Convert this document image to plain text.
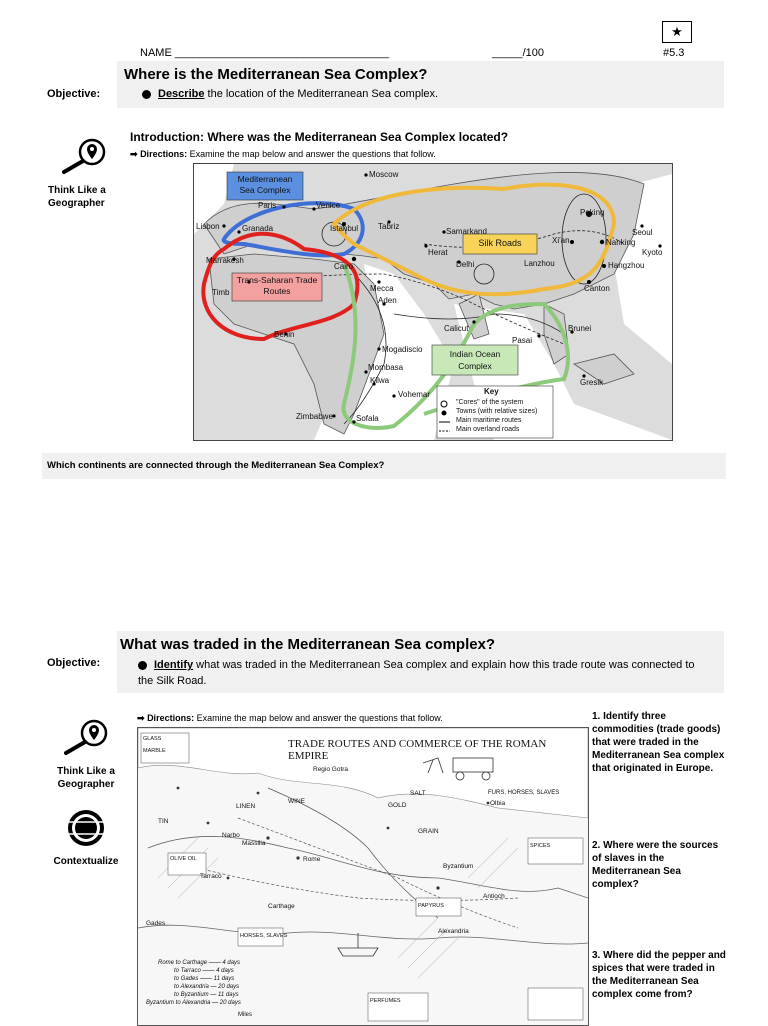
★
NAME ___________________________________	_____/100	#5.3
Where is the Mediterranean Sea Complex?
Objective:	Describe the location of the Mediterranean Sea complex.
Introduction: Where was the Mediterranean Sea Complex located?
➡ Directions: Examine the map below and answer the questions that follow.
Think Like a Geographer
Mediterranean Sea Complex
Silk Roads
Trans-Saharan Trade Routes
Indian Ocean Complex
Key
"Cores" of the system
Towns (with relative sizes)
Main maritime routes
Main overland roads
Moscow
Paris	Venice
Lisbon	Granada	Istanbul Tabriz
Samarkand
Herat
Delhi
Cairo
Mecca
Aden
Calicut
Timb
Marrakesh
Mogadiscio
Mombasa
Kilwa
Zimbabwe	Sofala
Vohemar
Peking
Xi'an	Nanking
Seoul
Kyoto
Hangzhou
Pasai
Brunei
Gresik
Canton
Lanzhou
Benin
Which continents are connected through the Mediterranean Sea Complex?
What was traded in the Mediterranean Sea complex?
Objective:	Identify what was traded in the Mediterranean Sea complex and explain how this trade route was connected to the Silk Road.
➡ Directions: Examine the map below and answer the questions that follow.
Think Like a Geographer
Contextualize
TRADE ROUTES AND COMMERCE OF THE ROMAN EMPIRE
Regio Gotra
SALT	FURS, HORSES, SLAVES
Olbia
GOLD
GRAIN
WINE
LINEN
TIN
Massilia
Narbo
Tarraco
Gades
Rome
Carthage
Alexandria
Byzantium
Antioch
OLIVE OIL
GLASS
MARBLE
HORSES, SLAVES
PAPYRUS
SPICES
PERFUMES
Miles
Rome to Carthage —— 4 days
to Tarraco —— 4 days
to Gades —— 11 days
to Alexandria — 20 days
to Byzantium — 11 days
Byzantium to Alexandria — 20 days
1. Identify three commodities (trade goods) that were traded in the Mediterranean Sea complex that originated in Europe.
2. Where were the sources of slaves in the Mediterranean Sea complex?
3. Where did the pepper and spices that were traded in the Mediterranean Sea complex come from?
